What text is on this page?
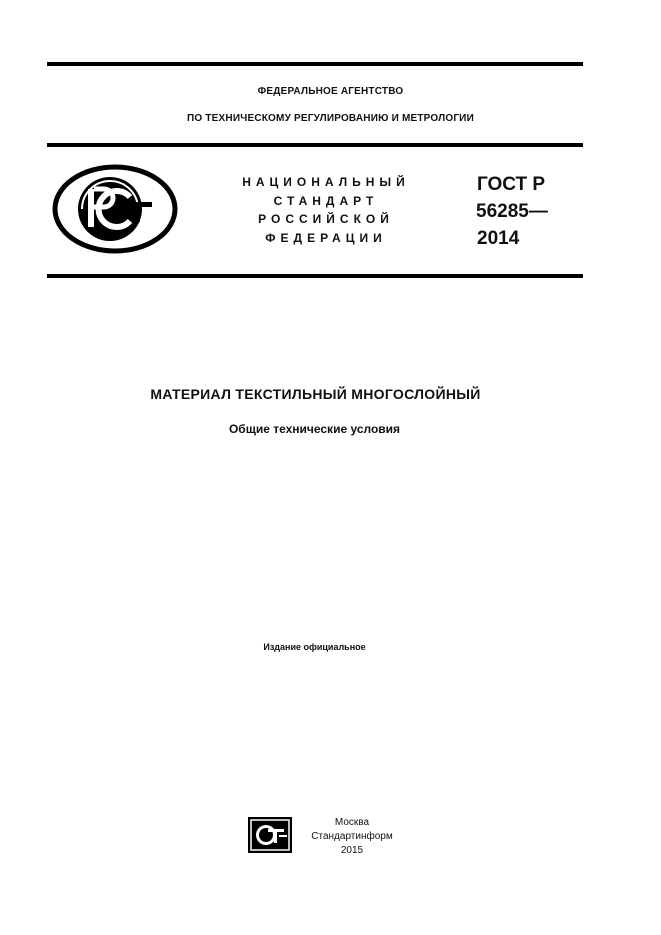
ФЕДЕРАЛЬНОЕ АГЕНТСТВО
ПО ТЕХНИЧЕСКОМУ РЕГУЛИРОВАНИЮ И МЕТРОЛОГИИ
НАЦИОНАЛЬНЫЙ
СТАНДАРТ
РОССИЙСКОЙ
ФЕДЕРАЦИИ
ГОСТ Р
56285—
2014
МАТЕРИАЛ ТЕКСТИЛЬНЫЙ МНОГОСЛОЙНЫЙ
Общие технические условия
Издание официальное
Москва
Стандартинформ
2015
